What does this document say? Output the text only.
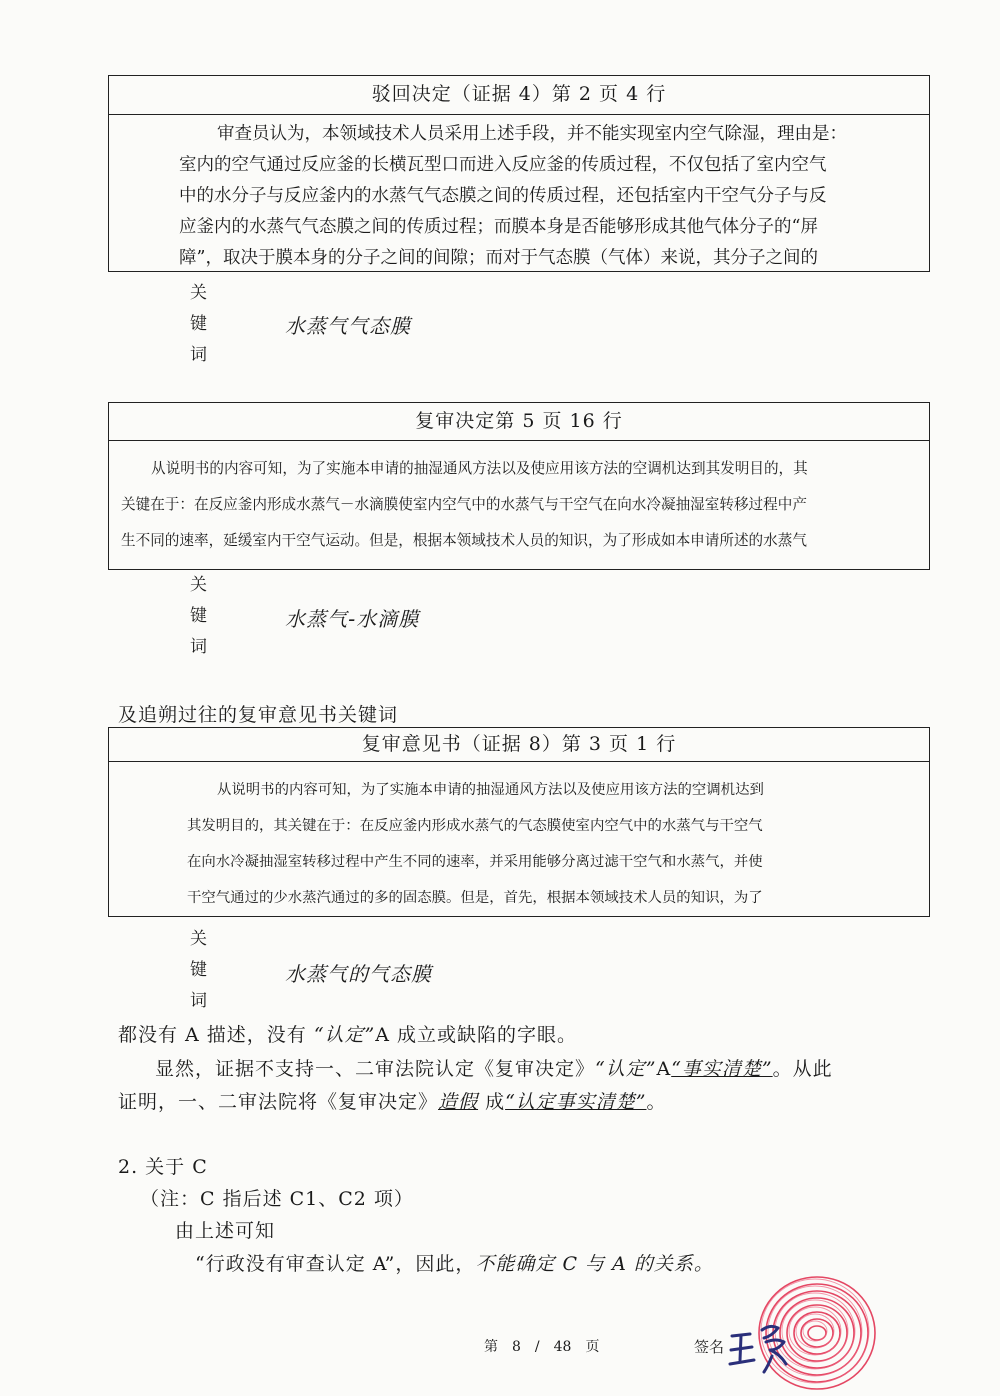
驳回决定（证据 4）第 2 页 4 行
审查员认为，本领域技术人员采用上述手段，并不能实现室内空气除湿，理由是：
室内的空气通过反应釜的长横瓦型口而进入反应釜的传质过程，不仅包括了室内空气
中的水分子与反应釜内的水蒸气气态膜之间的传质过程，还包括室内干空气分子与反
应釜内的水蒸气气态膜之间的传质过程；而膜本身是否能够形成其他气体分子的“屏
障”，取决于膜本身的分子之间的间隙；而对于气态膜（气体）来说，其分子之间的
关
键
词
水蒸气气态膜
复审决定第 5 页 16 行
从说明书的内容可知，为了实施本申请的抽湿通风方法以及使应用该方法的空调机达到其发明目的，其
关键在于：在反应釜内形成水蒸气－水滴膜使室内空气中的水蒸气与干空气在向水冷凝抽湿室转移过程中产
生不同的速率，延缓室内干空气运动。但是，根据本领域技术人员的知识，为了形成如本申请所述的水蒸气
关
键
词
水蒸气-水滴膜
及追朔过往的复审意见书关键词
复审意见书（证据 8）第 3 页 1 行
从说明书的内容可知，为了实施本申请的抽湿通风方法以及使应用该方法的空调机达到
其发明目的，其关键在于：在反应釜内形成水蒸气的气态膜使室内空气中的水蒸气与干空气
在向水冷凝抽湿室转移过程中产生不同的速率，并采用能够分离过滤干空气和水蒸气，并使
干空气通过的少水蒸汽通过的多的固态膜。但是，首先，根据本领域技术人员的知识，为了
关
键
词
水蒸气的气态膜
都没有 A 描述，没有 “认定”A 成立或缺陷的字眼。
显然，证据不支持一、二审法院认定《复审决定》“认定”A“事实清楚”。从此
证明，一、二审法院将《复审决定》造假 成“认定事实清楚”。
2. 关于 C
（注：C 指后述 C1、C2 项）
由上述可知
“行政没有审查认定 A”，因此，不能确定 C 与 A 的关系。
第 8 / 48 页	签名
